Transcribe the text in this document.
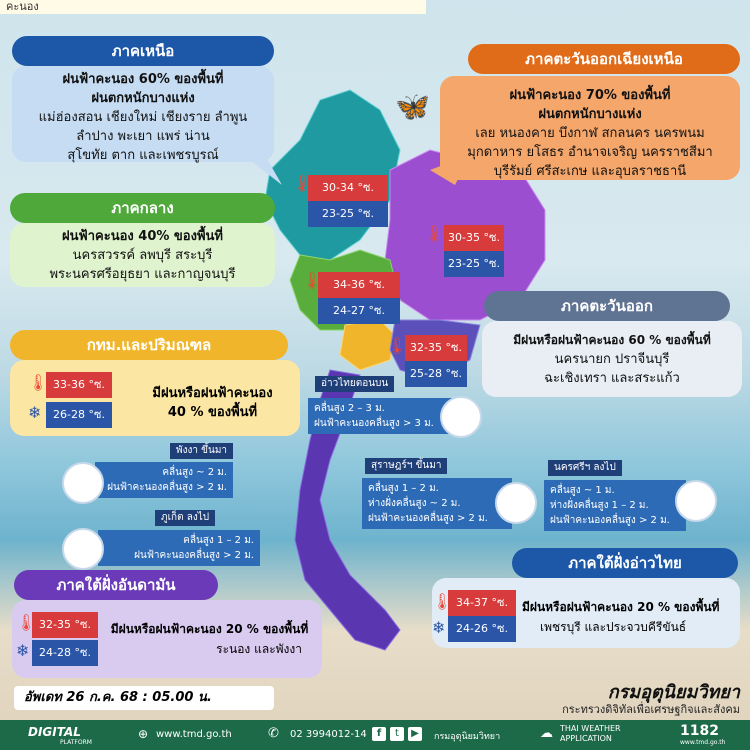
คะนอง
ภาคเหนือ
ฝนฟ้าคะนอง 60% ของพื้นที่
ฝนตกหนักบางแห่ง
แม่ฮ่องสอน เชียงใหม่ เชียงราย ลำพูน
ลำปาง พะเยา แพร่ น่าน
สุโขทัย ตาก และเพชรบูรณ์
30-34 °ซ.
23-25 °ซ.
🌡
ภาคตะวันออกเฉียงเหนือ
ฝนฟ้าคะนอง 70% ของพื้นที่
ฝนตกหนักบางแห่ง
เลย หนองคาย บึงกาฬ สกลนคร นครพนม
มุกดาหาร ยโสธร อำนาจเจริญ นครราชสีมา
บุรีรัมย์ ศรีสะเกษ และอุบลราชธานี
30-35 °ซ.
23-25 °ซ.
🌡
🦋
ภาคกลาง
ฝนฟ้าคะนอง 40% ของพื้นที่
นครสวรรค์ ลพบุรี สระบุรี
พระนครศรีอยุธยา และกาญจนบุรี
34-36 °ซ.
24-27 °ซ.
🌡
กทม.และปริมณฑล
33-36 °ซ.
26-28 °ซ.
🌡
❄
มีฝนหรือฝนฟ้าคะนอง
40 % ของพื้นที่
ภาคตะวันออก
มีฝนหรือฝนฟ้าคะนอง 60 % ของพื้นที่
นครนายก ปราจีนบุรี
ฉะเชิงเทรา และสระแก้ว
32-35 °ซ.
25-28 °ซ.
🌡
อ่าวไทยตอนบน
คลื่นสูง 2 – 3 ม.
ฝนฟ้าคะนองคลื่นสูง > 3 ม.
พังงา ขึ้นมา
คลื่นสูง ~ 2 ม.
ฝนฟ้าคะนองคลื่นสูง > 2 ม.
ภูเก็ต ลงไป
คลื่นสูง 1 – 2 ม.
ฝนฟ้าคะนองคลื่นสูง > 2 ม.
สุราษฎร์ฯ ขึ้นมา
คลื่นสูง 1 – 2 ม.
ห่างฝั่งคลื่นสูง ~ 2 ม.
ฝนฟ้าคะนองคลื่นสูง > 2 ม.
นครศรีฯ ลงไป
คลื่นสูง ~ 1 ม.
ห่างฝั่งคลื่นสูง 1 – 2 ม.
ฝนฟ้าคะนองคลื่นสูง > 2 ม.
ภาคใต้ฝั่งอ่าวไทย
34-37 °ซ.
24-26 °ซ.
🌡
❄
มีฝนหรือฝนฟ้าคะนอง 20 % ของพื้นที่
เพชรบุรี และประจวบคีรีขันธ์
ภาคใต้ฝั่งอันดามัน
32-35 °ซ.
24-28 °ซ.
🌡
❄
มีฝนหรือฝนฟ้าคะนอง 20 % ของพื้นที่
ระนอง และพังงา
อัพเดท 26 ก.ค. 68 : 05.00 น.	กรมอุตุนิยมวิทยา
กระทรวงดิจิทัลเพื่อเศรษฐกิจและสังคม
DIGITAL
PLATFORM
⊕ www.tmd.go.th	✆ 02 3994012-14	f	t	▶	กรมอุตุนิยมวิทยา	☁ THAI WEATHER APPLICATION	1182
www.tmd.go.th
